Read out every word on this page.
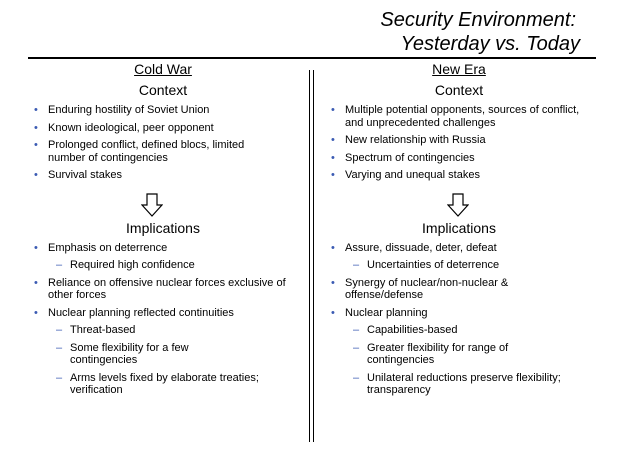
Security Environment:
Yesterday vs. Today
Cold War
Context
• Enduring hostility of Soviet Union
• Known ideological, peer opponent
• Prolonged conflict, defined blocs, limited number of contingencies
• Survival stakes
Implications
• Emphasis on deterrence
– Required high confidence
• Reliance on offensive nuclear forces exclusive of other forces
• Nuclear planning reflected continuities
– Threat-based
– Some flexibility for a few contingencies
– Arms levels fixed by elaborate treaties; verification
New Era
Context
• Multiple potential opponents, sources of conflict, and unprecedented challenges
• New relationship with Russia
• Spectrum of contingencies
• Varying and unequal stakes
Implications
• Assure, dissuade, deter, defeat
– Uncertainties of deterrence
• Synergy of nuclear/non-nuclear & offense/defense
• Nuclear planning
– Capabilities-based
– Greater flexibility for range of contingencies
– Unilateral reductions preserve flexibility; transparency
